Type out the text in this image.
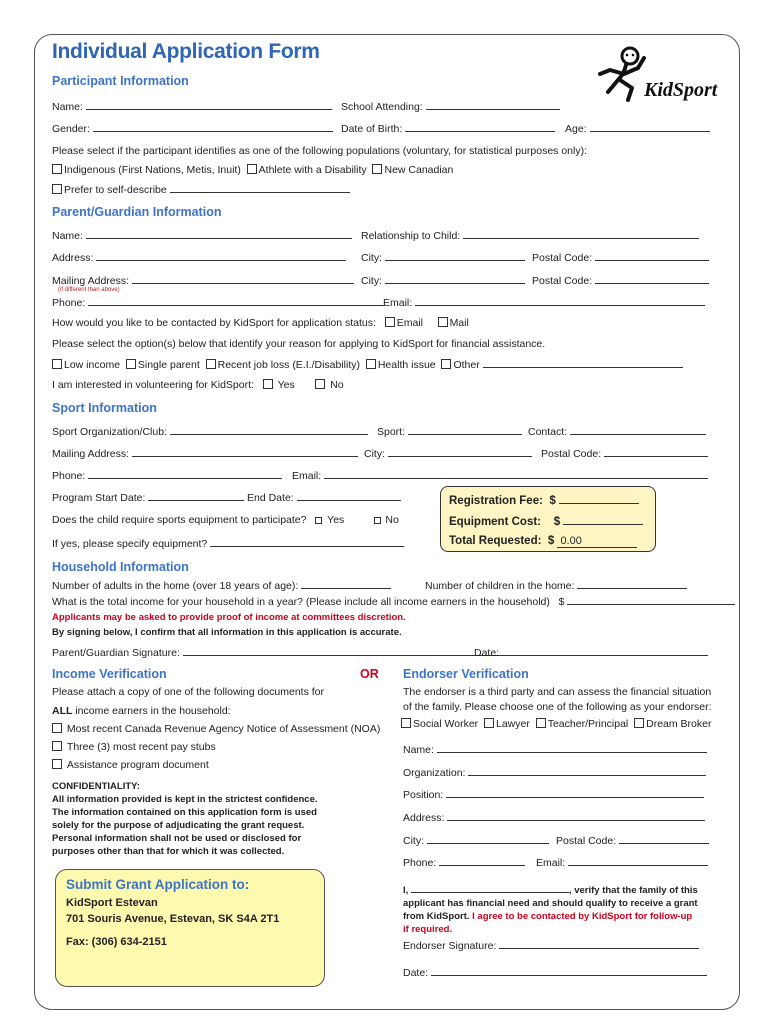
Individual Application Form
KidSport
Participant Information
Name:	School Attending:
Gender:	Date of Birth:	Age:
Please select if the participant identifies as one of the following populations (voluntary, for statistical purposes only):
Indigenous (First Nations, Metis, Inuit) Athlete with a Disability New Canadian
Prefer to self-describe
Parent/Guardian Information
Name:	Relationship to Child:
Address:	City:	Postal Code:
Mailing Address:
(if different than above)
City:	Postal Code:
Phone:	Email:
How would you like to be contacted by KidSport for application status: Email	Mail
Please select the option(s) below that identify your reason for applying to KidSport for financial assistance.
Low income Single parent Recent job loss (E.I./Disability) Health issue Other
I am interested in volunteering for KidSport: Yes	No
Sport Information
Sport Organization/Club:	Sport:	Contact:
Mailing Address:	City:	Postal Code:
Phone:	Email:
Program Start Date:	End Date:
Does the child require sports equipment to participate? Yes	No
If yes, please specify equipment?
Registration Fee: $
Equipment Cost: $
Total Requested: $ 0.00
Household Information
Number of adults in the home (over 18 years of age):	Number of children in the home:
What is the total income for your household in a year? (Please include all income earners in the household) $
Applicants may be asked to provide proof of income at committees discretion.
By signing below, I confirm that all information in this application is accurate.
Parent/Guardian Signature:	Date:
Income Verification	OR
Please attach a copy of one of the following documents for
ALL income earners in the household:
Most recent Canada Revenue Agency Notice of Assessment (NOA)
Three (3) most recent pay stubs
Assistance program document
CONFIDENTIALITY:
All information provided is kept in the strictest confidence.
The information contained on this application form is used
solely for the purpose of adjudicating the grant request.
Personal information shall not be used or disclosed for
purposes other than that for which it was collected.
Submit Grant Application to:
KidSport Estevan
701 Souris Avenue, Estevan, SK S4A 2T1
Fax: (306) 634-2151
Endorser Verification
The endorser is a third party and can assess the financial situation
of the family. Please choose one of the following as your endorser:
Social Worker Lawyer Teacher/Principal Dream Broker
Name:
Organization:
Position:
Address:
City:	Postal Code:
Phone:	Email:
I,	, verify that the family of this
applicant has financial need and should qualify to receive a grant
from KidSport. I agree to be contacted by KidSport for follow-up
if required.
Endorser Signature:
Date:
